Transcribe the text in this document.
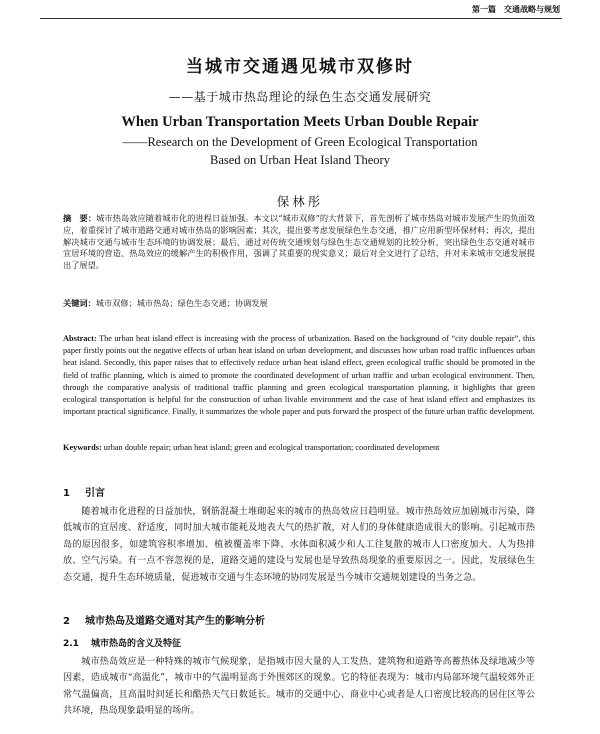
第一篇　交通战略与规划
当城市交通遇见城市双修时
——基于城市热岛理论的绿色生态交通发展研究
When Urban Transportation Meets Urban Double Repair
——Research on the Development of Green Ecological Transportation
Based on Urban Heat Island Theory
保林彤
摘　要：城市热岛效应随着城市化的进程日益加强。本文以“城市双修”的大背景下，首先剖析了城市热岛对城市发展产生的负面效应，着重探讨了城市道路交通对城市热岛的影响因素；其次，提出要考虑发展绿色生态交通，推广应用新型环保材料；再次，提出解决城市交通与城市生态环境的协调发展；最后，通过对传统交通规划与绿色生态交通规划的比较分析，突出绿色生态交通对城市宜居环境的营造、热岛效应的缓解产生的积极作用，强调了其重要的现实意义；最后对全文进行了总结，并对未来城市交通发展提出了展望。
关键词：城市双修；城市热岛；绿色生态交通；协调发展
Abstract: The urban heat island effect is increasing with the process of urbanization. Based on the background of “city double repair”, this paper firstly points out the negative effects of urban heat island on urban development, and discusses how urban road traffic influences urban heat island. Secondly, this paper raises that to effectively reduce urban heat island effect, green ecological traffic should be promoted in the field of traffic planning, which is aimed to promote the coordinated development of urban traffic and urban ecological environment. Then, through the comparative analysis of traditional traffic planning and green ecological transportation planning, it highlights that green ecological transportation is helpful for the construction of urban livable environment and the case of heat island effect and emphasizes its important practical significance. Finally, it summarizes the whole paper and puts forward the prospect of the future urban traffic development.
Keywords: urban double repair; urban heat island; green and ecological transportation; coordinated development
1 引言

随着城市化进程的日益加快，钢筋混凝土堆砌起来的城市的热岛效应日趋明显。城市热岛效应加剧城市污染，降低城市的宜居度、舒适度，同时加大城市能耗及地表大气的热扩散，对人们的身体健康造成很大的影响。引起城市热岛的原因很多，如建筑容积率增加、植被覆盖率下降、水体面积减少和人工往复散的城市人口密度加大、人为热排放、空气污染。有一点不容忽视的是，道路交通的建设与发展也是导致热岛现象的重要原因之一。因此，发展绿色生态交通，提升生态环境质量，促进城市交通与生态环境的协同发展是当今城市交通规划建设的当务之急。

2 城市热岛及道路交通对其产生的影响分析
2.1 城市热岛的含义及特征

城市热岛效应是一种特殊的城市气候现象，是指城市因大量的人工发热、建筑物和道路等高蓄热体及绿地减少等因素，造成城市“高温化”，城市中的气温明显高于外围郊区的现象。它的特征表现为：城市内局部环境气温较郊外正常气温偏高，且高温时间延长和酷热天气日数延长。城市的交通中心、商业中心或者是人口密度比较高的居住区等公共环境，热岛现象最明显的场所。
